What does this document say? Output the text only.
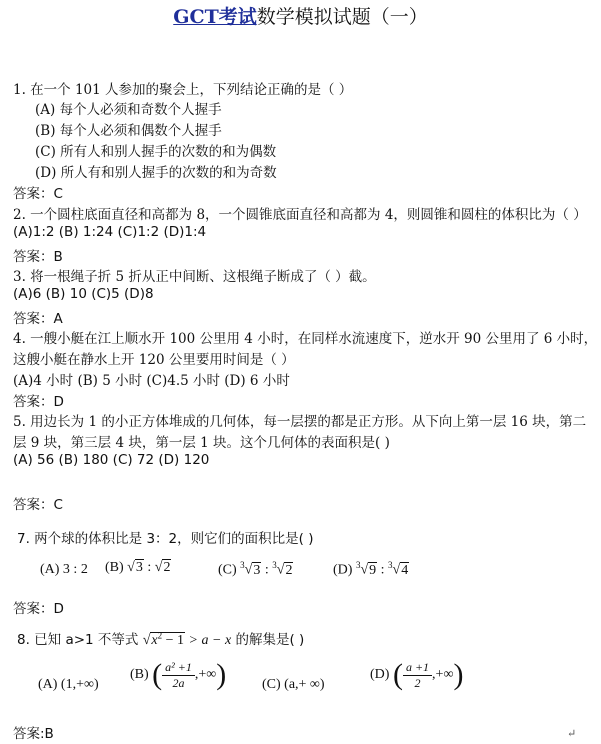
GCT考试数学模拟试题（一）
1. 在一个 101 人参加的聚会上，下列结论正确的是（ ）
(A) 每个人必须和奇数个人握手
(B) 每个人必须和偶数个人握手
(C) 所有人和别人握手的次数的和为偶数
(D) 所人有和别人握手的次数的和为奇数
答案：C
2. 一个圆柱底面直径和高都为 8，一个圆锥底面直径和高都为 4，则圆锥和圆柱的体积比为（ ）
(A)1:2 (B) 1:24 (C)1:2 (D)1:4
答案：B
3. 将一根绳子折 5 折从正中间断、这根绳子断成了（ ）截。
(A)6 (B) 10 (C)5 (D)8
答案：A
4. 一艘小艇在江上顺水开 100 公里用 4 小时，在同样水流速度下，逆水开 90 公里用了 6 小时，
这艘小艇在静水上开 120 公里要用时间是（ ）
(A)4 小时 (B) 5 小时 (C)4.5 小时 (D) 6 小时
答案：D
5. 用边长为 1 的小正方体堆成的几何体，每一层摆的都是正方形。从下向上第一层 16 块，第二
层 9 块，第三层 4 块，第一层 1 块。这个几何体的表面积是( )
(A) 56 (B) 180 (C) 72 (D) 120
答案：C
7. 两个球的体积比是 3：2，则它们的面积比是( )
(A) 3 : 2 (B) √3 : √2	(C) $^3$√3 : $^3$√2	(D) $^3$√9 : $^3$√4
答案：D
8. 已知 a>1 不等式 $√x^2 - 1 > a - x$ 的解集是( )
(A) (1,+∞)
(B) ( $\frac{\text{a² +1}}{2a}$ ,+∞)	(C) (a,+ ∞)
(D) ( $\frac{a +1}{2}$ ,+∞)
答案:B	↵
